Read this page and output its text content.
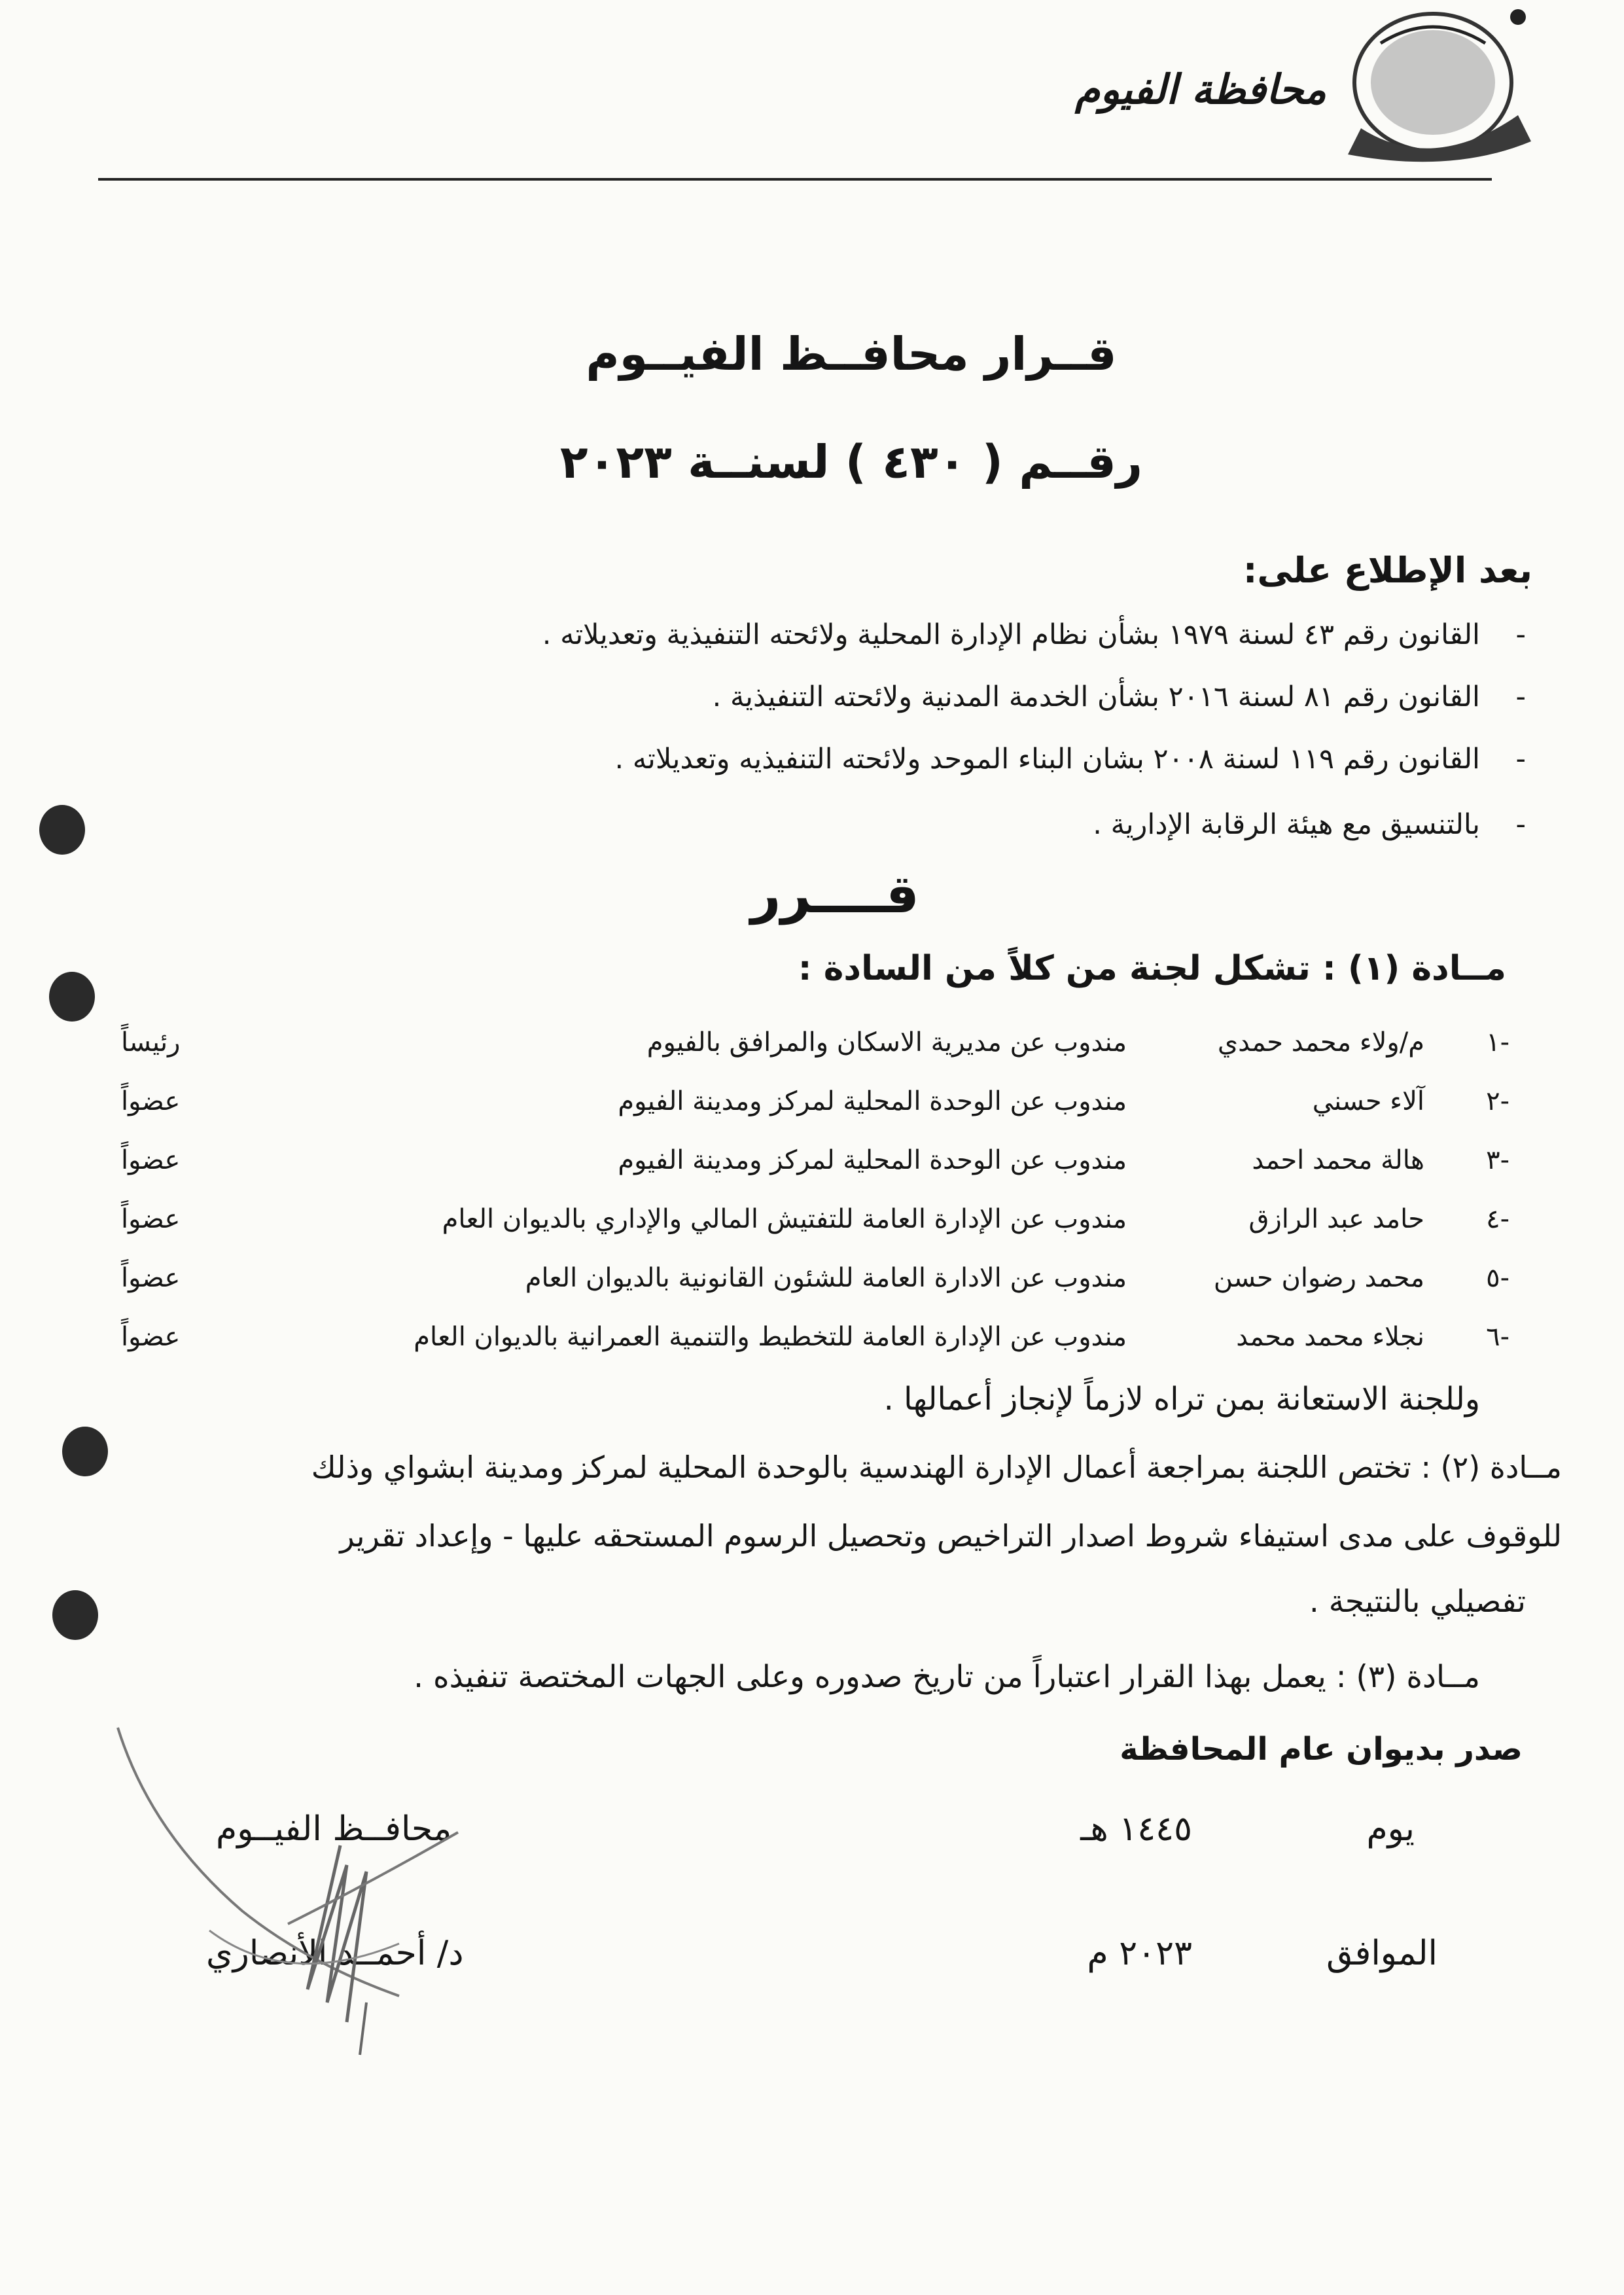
محافظة الفيوم
قــرار محافــظ الفيــوم
رقــم ( ٤٣٠ ) لسنــة ٢٠٢٣
بعد الإطلاع على:
-القانون رقم ٤٣ لسنة ١٩٧٩ بشأن نظام الإدارة المحلية ولائحته التنفيذية وتعديلاته .
-القانون رقم ٨١ لسنة ٢٠١٦ بشأن الخدمة المدنية ولائحته التنفيذية .
-القانون رقم ١١٩ لسنة ٢٠٠٨ بشان البناء الموحد ولائحته التنفيذيه وتعديلاته .
-بالتنسيق مع هيئة الرقابة الإدارية .
قــــرر
مــادة (١) : تشكل لجنة من كلاً من السادة :
١-
م/ولاء محمد حمدي
مندوب عن مديرية الاسكان والمرافق بالفيوم
رئيساً
٢-
آلاء حسني
مندوب عن الوحدة المحلية لمركز ومدينة الفيوم
عضواً
٣-
هالة محمد احمد
مندوب عن الوحدة المحلية لمركز ومدينة الفيوم
عضواً
٤-
حامد عبد الرازق
مندوب عن الإدارة العامة للتفتيش المالي والإداري بالديوان العام
عضواً
٥-
محمد رضوان حسن
مندوب عن الادارة العامة للشئون القانونية بالديوان العام
عضواً
٦-
نجلاء محمد محمد
مندوب عن الإدارة العامة للتخطيط والتنمية العمرانية بالديوان العام
عضواً
وللجنة الاستعانة بمن تراه لازماً لإنجاز أعمالها .
مــادة (٢) : تختص اللجنة بمراجعة أعمال الإدارة الهندسية بالوحدة المحلية لمركز ومدينة ابشواي وذلك
للوقوف على مدى استيفاء شروط اصدار التراخيص وتحصيل الرسوم المستحقه عليها - وإعداد تقرير
تفصيلي بالنتيجة .
مــادة (٣) : يعمل بهذا القرار اعتباراً من تاريخ صدوره وعلى الجهات المختصة تنفيذه .
صدر بديوان عام المحافظة
يوم
١٤٤٥ هـ
محافــظ الفيــوم
الموافق
٢٠٢٣ م
د/ أحمــد الأنصاري
